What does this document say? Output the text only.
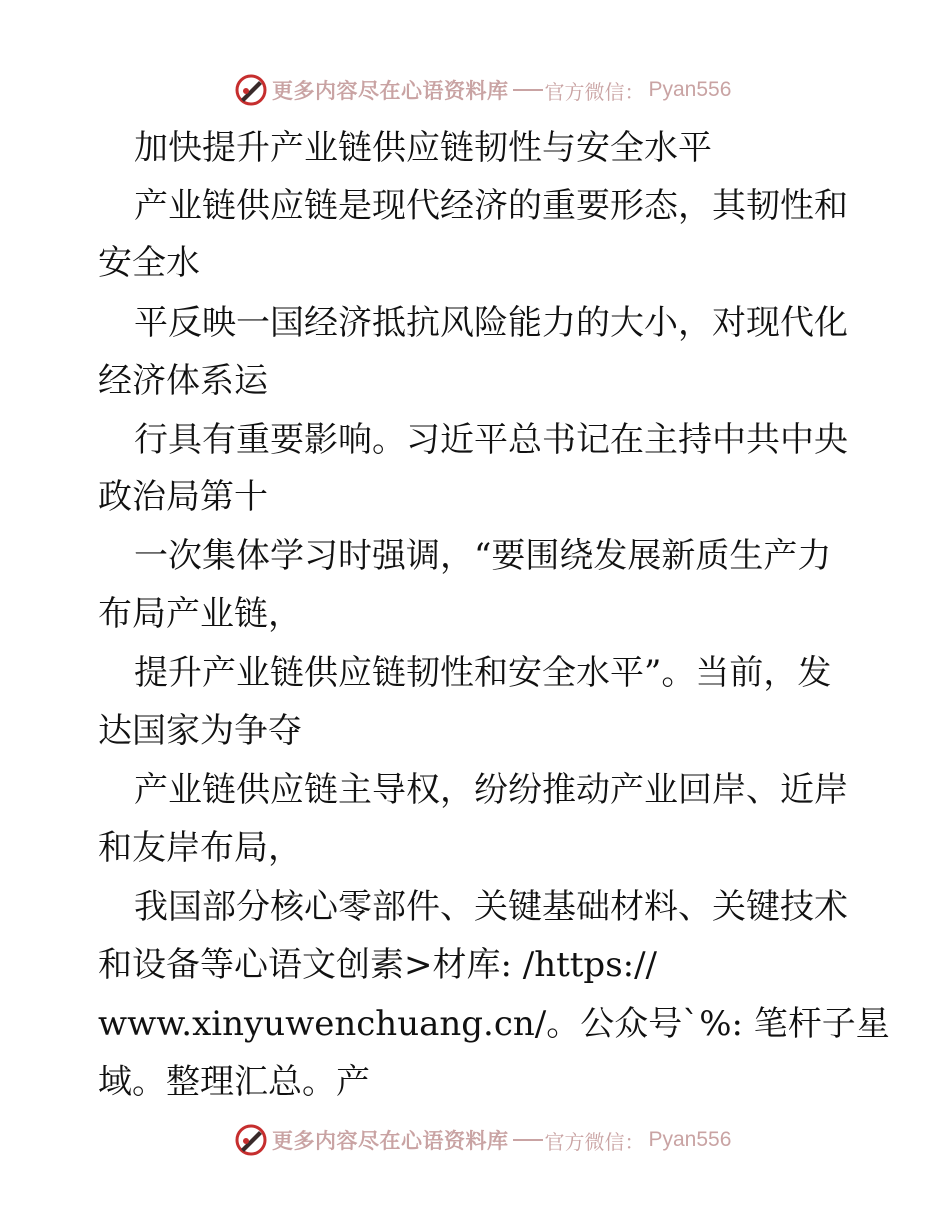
更多内容尽在心语资料库 官方微信： Pyan556
加快提升产业链供应链韧性与安全水平
产业链供应链是现代经济的重要形态，其韧性和
安全水
平反映一国经济抵抗风险能力的大小，对现代化
经济体系运
行具有重要影响。习近平总书记在主持中共中央
政治局第十
一次集体学习时强调，“要围绕发展新质生产力
布局产业链，
提升产业链供应链韧性和安全水平”。当前，发
达国家为争夺
产业链供应链主导权，纷纷推动产业回岸、近岸
和友岸布局，
我国部分核心零部件、关键基础材料、关键技术
和设备等心语文创素>材库: /https://
www.xinyuwenchuang.cn/。公众号`%: 笔杆子星
域。整理汇总。产
更多内容尽在心语资料库 官方微信： Pyan556
